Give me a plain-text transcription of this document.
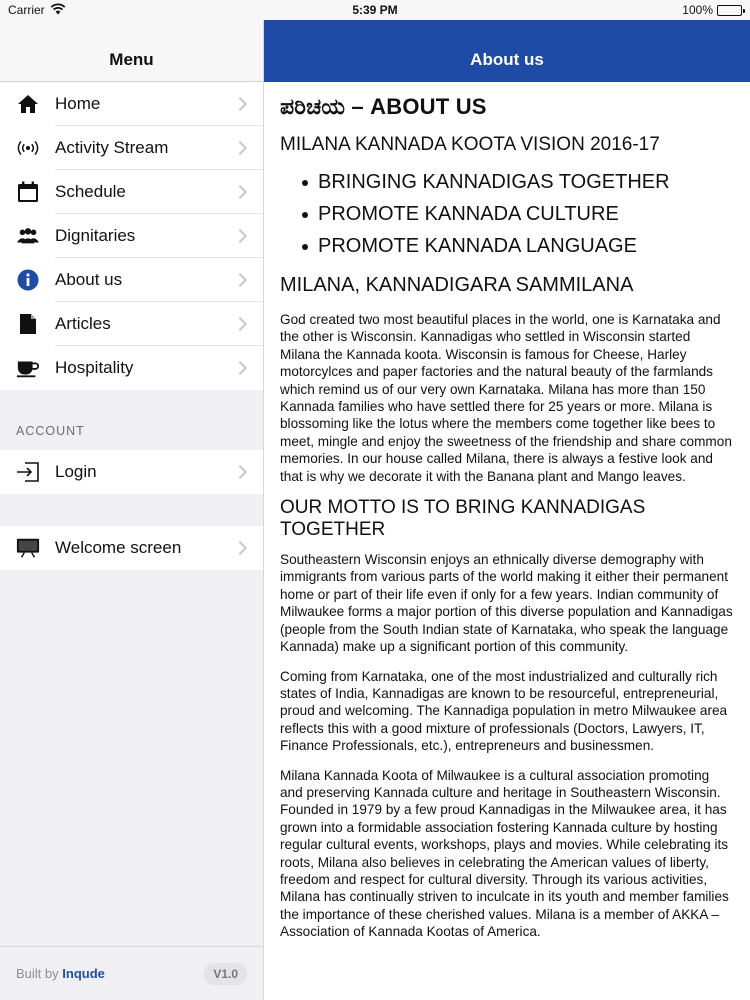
Carrier	5:39 PM	100%
Menu
Home
Activity Stream
Schedule
Dignitaries
About us
Articles
Hospitality
ACCOUNT
Login
Welcome screen
Built by Inqude	V1.0
About us
ಪರಿಚಯ – ABOUT US
MILANA KANNADA KOOTA VISION 2016-17
BRINGING KANNADIGAS TOGETHER
PROMOTE KANNADA CULTURE
PROMOTE KANNADA LANGUAGE
MILANA, KANNADIGARA SAMMILANA

God created two most beautiful places in the world, one is Karnataka and the other is Wisconsin. Kannadigas who settled in Wisconsin started Milana the Kannada koota. Wisconsin is famous for Cheese, Harley motorcylces and paper factories and the natural beauty of the farmlands which remind us of our very own Karnataka. Milana has more than 150 Kannada families who have settled there for 25 years or more. Milana is blossoming like the lotus where the members come together like bees to meet, mingle and enjoy the sweetness of the friendship and share common memories. In our house called Milana, there is always a festive look and that is why we decorate it with the Banana plant and Mango leaves.

OUR MOTTO IS TO BRING KANNADIGAS TOGETHER

Southeastern Wisconsin enjoys an ethnically diverse demography with immigrants from various parts of the world making it either their permanent home or part of their life even if only for a few years. Indian community of Milwaukee forms a major portion of this diverse population and Kannadigas (people from the South Indian state of Karnataka, who speak the language Kannada) make up a significant portion of this community.

Coming from Karnataka, one of the most industrialized and culturally rich states of India, Kannadigas are known to be resourceful, entrepreneurial, proud and welcoming. The Kannadiga population in metro Milwaukee area reflects this with a good mixture of professionals (Doctors, Lawyers, IT, Finance Professionals, etc.), entrepreneurs and businessmen.

Milana Kannada Koota of Milwaukee is a cultural association promoting and preserving Kannada culture and heritage in Southeastern Wisconsin. Founded in 1979 by a few proud Kannadigas in the Milwaukee area, it has grown into a formidable association fostering Kannada culture by hosting regular cultural events, workshops, plays and movies. While celebrating its roots, Milana also believes in celebrating the American values of liberty, freedom and respect for cultural diversity. Through its various activities, Milana has continually striven to inculcate in its youth and member families the importance of these cherished values. Milana is a member of AKKA – Association of Kannada Kootas of America.
